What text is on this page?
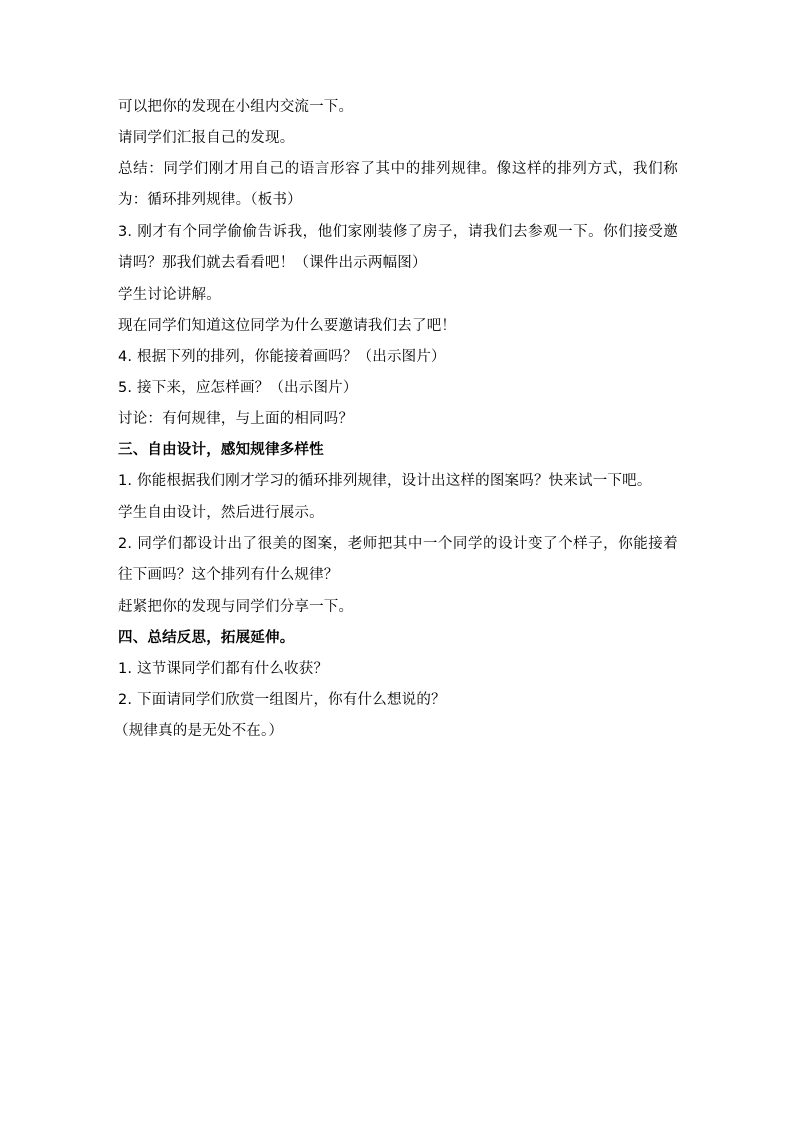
可以把你的发现在小组内交流一下。

请同学们汇报自己的发现。

总结：同学们刚才用自己的语言形容了其中的排列规律。像这样的排列方式，我们称为：循环排列规律。（板书）

3. 刚才有个同学偷偷告诉我，他们家刚装修了房子，请我们去参观一下。你们接受邀请吗？那我们就去看看吧！（课件出示两幅图）

学生讨论讲解。

现在同学们知道这位同学为什么要邀请我们去了吧！

4. 根据下列的排列，你能接着画吗？（出示图片）

5. 接下来，应怎样画？（出示图片）

讨论：有何规律，与上面的相同吗？

三、自由设计，感知规律多样性

1. 你能根据我们刚才学习的循环排列规律，设计出这样的图案吗？快来试一下吧。

学生自由设计，然后进行展示。

2. 同学们都设计出了很美的图案，老师把其中一个同学的设计变了个样子，你能接着往下画吗？这个排列有什么规律？

赶紧把你的发现与同学们分享一下。

四、总结反思，拓展延伸。

1. 这节课同学们都有什么收获？

2. 下面请同学们欣赏一组图片，你有什么想说的？

（规律真的是无处不在。）
